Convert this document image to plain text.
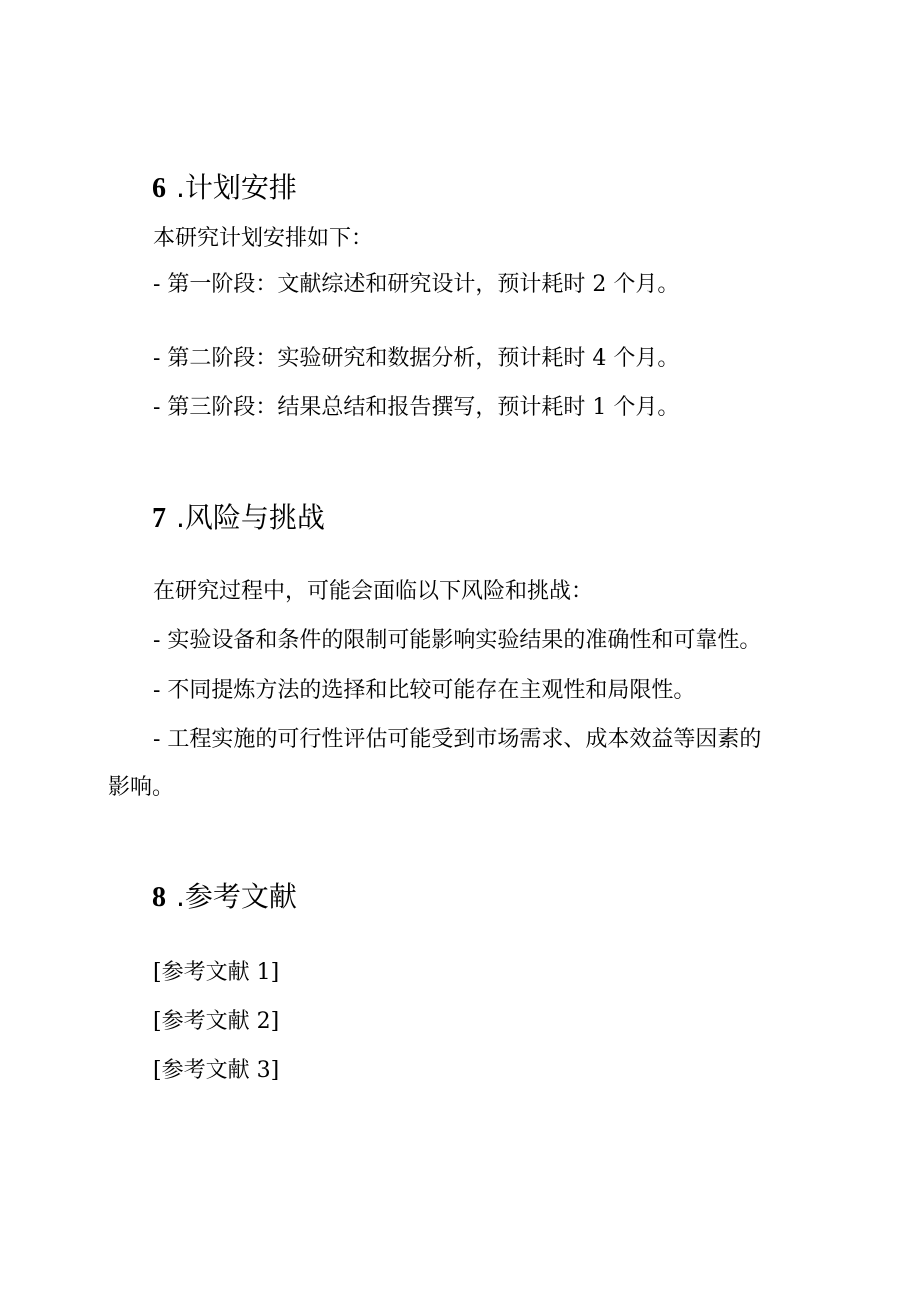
6 .计划安排
本研究计划安排如下：
- 第一阶段：文献综述和研究设计，预计耗时 2 个月。
- 第二阶段：实验研究和数据分析，预计耗时 4 个月。
- 第三阶段：结果总结和报告撰写，预计耗时 1 个月。
7 .风险与挑战
在研究过程中，可能会面临以下风险和挑战：
- 实验设备和条件的限制可能影响实验结果的准确性和可靠性。
- 不同提炼方法的选择和比较可能存在主观性和局限性。
- 工程实施的可行性评估可能受到市场需求、成本效益等因素的
影响。
8 .参考文献
[参考文献 1]
[参考文献 2]
[参考文献 3]
